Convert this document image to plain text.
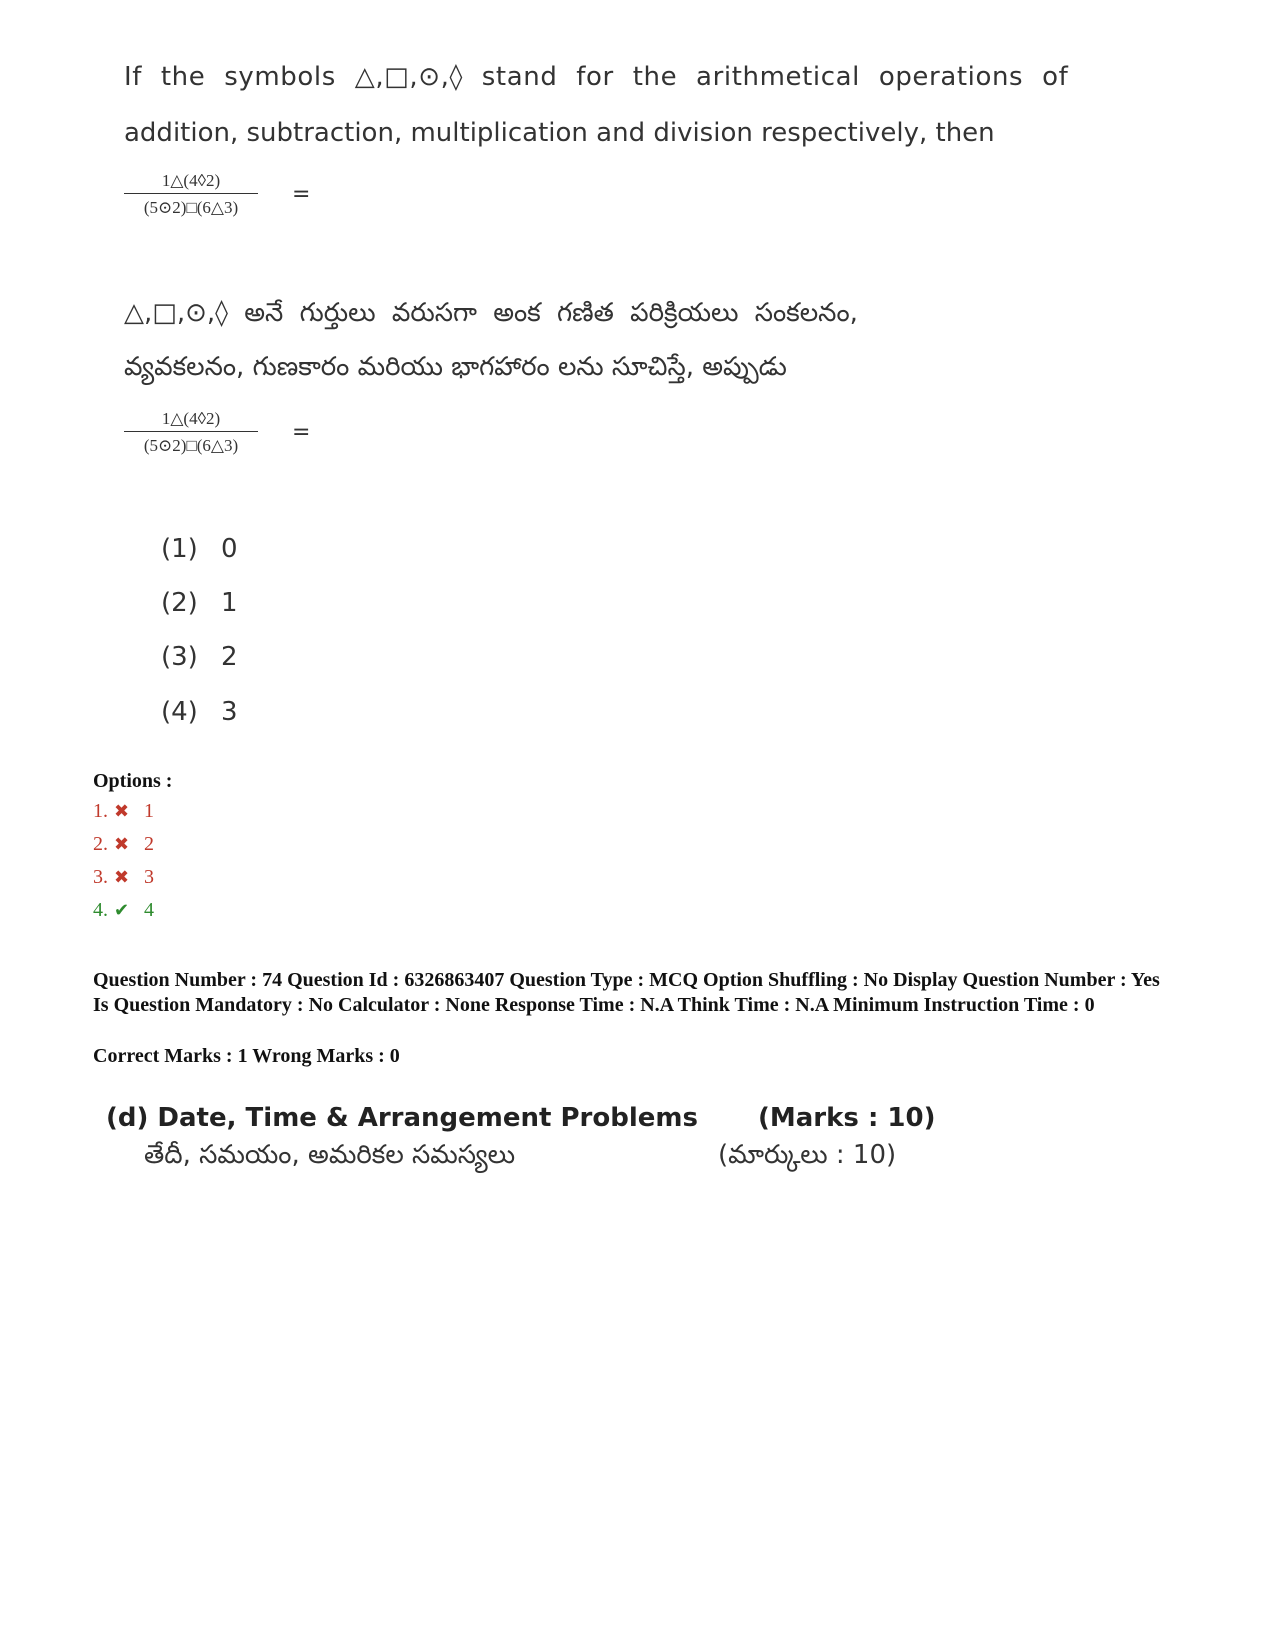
If the symbols △,□,⊙,◊ stand for the arithmetical operations of
addition, subtraction, multiplication and division respectively, then
$\frac{1\triangle(4◊2)}{(5⊙2)□(6\triangle 3)}$ =
△,□,⊙,◊ అనే గుర్తులు వరుసగా అంక గణిత పరిక్రియలు సంకలనం,
వ్యవకలనం, గుణకారం మరియు భాగహారం లను సూచిస్తే, అప్పుడు
$\frac{1\triangle(4◊2)}{(5⊙2)□(6\triangle 3)}$ =
(1) 0
(2) 1
(3) 2
(4) 3
Options :
1. ✖ 1
2. ✖ 2
3. ✖ 3
4. ✔ 4
Question Number : 74 Question Id : 6326863407 Question Type : MCQ Option Shuffling : No Display Question Number : Yes Is Question Mandatory : No Calculator : None Response Time : N.A Think Time : N.A Minimum Instruction Time : 0
Correct Marks : 1 Wrong Marks : 0
(d) Date, Time & Arrangement Problems (Marks : 10)
తేదీ, సమయం, అమరికల సమస్యలు	(మార్కులు : 10)
